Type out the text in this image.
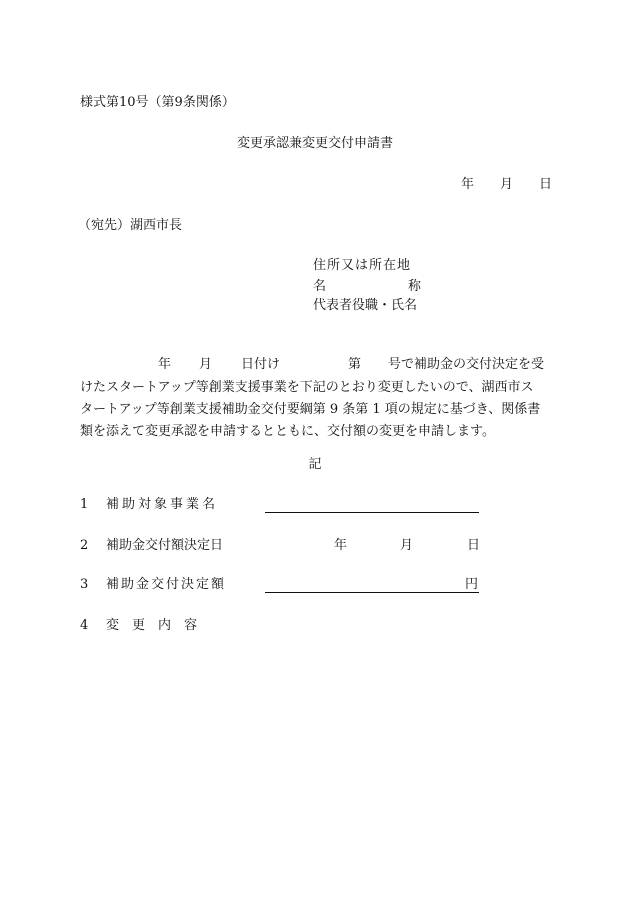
様式第10号（第9条関係）
変更承認兼変更交付申請書
年 月 日
（宛先）湖西市長
住所又は所在地
名	称
代表者役職・氏名
年 月 日付け	第 号で補助金の交付決定を受
けたスタートアップ等創業支援事業を下記のとおり変更したいので、湖西市ス
タートアップ等創業支援補助金交付要綱第 9 条第 1 項の規定に基づき、関係書
類を添えて変更承認を申請するとともに、交付額の変更を申請します。
記
1 補助対象事業名
2 補助金交付額決定日	年	月	日
3 補助金交付決定額	円
4 変　更　内　容
